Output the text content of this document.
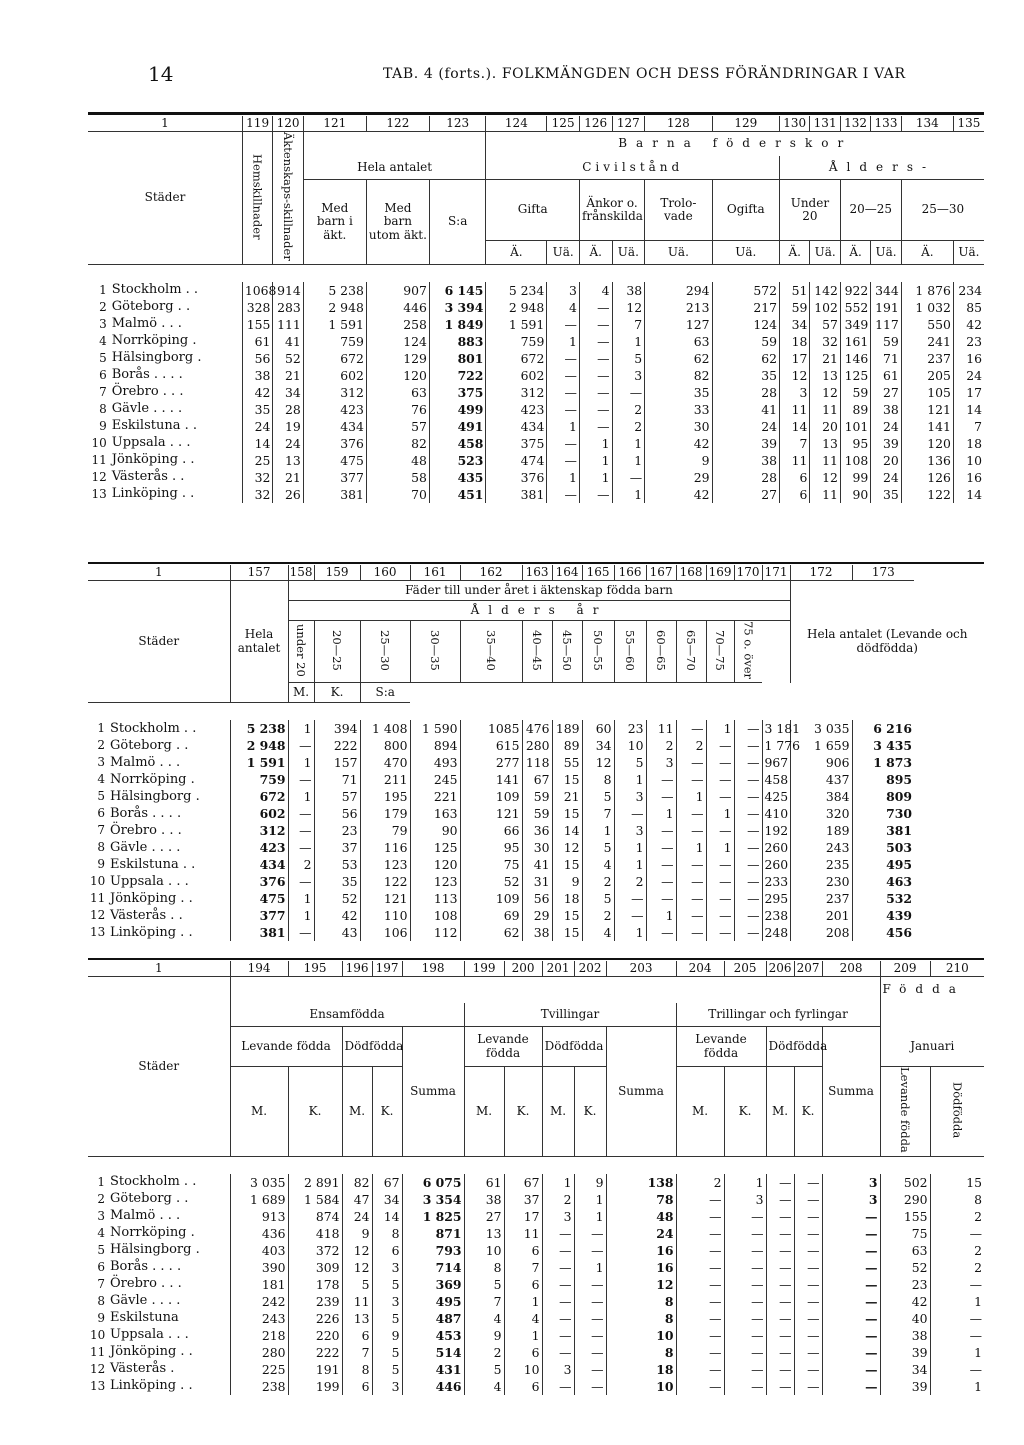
14	TAB. 4 (forts.). FOLKMÄNGDEN OCH DESS FÖRÄNDRINGAR I VAR
1		119	120	121	122	123	124	125	126	127	128	129	130	131	132	133	134	135
Städer		Hemskillnader	Äktenskaps-skillnader				Barna föderskor											
				Hela antalet			Civilstånd						Ålders-					
				Med barn i äkt.	Med barn utom äkt.	S:a	Gifta		Änkor o. frånskilda		Trolo-vade	Ogifta	Under 20		20—25		25—30	
							Ä.	Uä.	Ä.	Uä.	Uä.	Uä.	Ä.	Uä.	Ä.	Uä.	Ä.	Uä.

1	Stockholm . .	1068	914	5 238	907	6 145	5 234	3	4	38	294	572	51	142	922	344	1 876	234
2	Göteborg . .	328	283	2 948	446	3 394	2 948	4	—	12	213	217	59	102	552	191	1 032	85
3	Malmö . . .	155	111	1 591	258	1 849	1 591	—	—	7	127	124	34	57	349	117	550	42
4	Norrköping .	61	41	759	124	883	759	1	—	1	63	59	18	32	161	59	241	23
5	Hälsingborg .	56	52	672	129	801	672	—	—	5	62	62	17	21	146	71	237	16
6	Borås . . . .	38	21	602	120	722	602	—	—	3	82	35	12	13	125	61	205	24
7	Örebro . . .	42	34	312	63	375	312	—	—	—	35	28	3	12	59	27	105	17
8	Gävle . . . .	35	28	423	76	499	423	—	—	2	33	41	11	11	89	38	121	14
9	Eskilstuna . .	24	19	434	57	491	434	1	—	2	30	24	14	20	101	24	141	7
10	Uppsala . . .	14	24	376	82	458	375	—	1	1	42	39	7	13	95	39	120	18
11	Jönköping . .	25	13	475	48	523	474	—	1	1	9	38	11	11	108	20	136	10
12	Västerås . .	32	21	377	58	435	376	1	1	—	29	28	6	12	99	24	126	16
13	Linköping . .	32	26	381	70	451	381	—	—	1	42	27	6	11	90	35	122	14
1		157	158	159	160	161	162	163	164	165	166	167	168	169	170	171	172	173
Städer		Hela antalet	Fäder till under året i äktenskap födda barn															
			Ålders år														Hela antalet (Levande och dödfödda)	
			under 20	20—25	25—30	30—35	35—40	40—45	45—50	50—55	55—60	60—65	65—70	70—75	75 o. över			
			M.	K.	S:a													

1	Stockholm . .	5 238	1	394	1 408	1 590	1085	476	189	60	23	11	—	1	—	3 181	3 035	6 216
2	Göteborg . .	2 948	—	222	800	894	615	280	89	34	10	2	2	—	—	1 776	1 659	3 435
3	Malmö . . .	1 591	1	157	470	493	277	118	55	12	5	3	—	—	—	967	906	1 873
4	Norrköping .	759	—	71	211	245	141	67	15	8	1	—	—	—	—	458	437	895
5	Hälsingborg .	672	1	57	195	221	109	59	21	5	3	—	1	—	—	425	384	809
6	Borås . . . .	602	—	56	179	163	121	59	15	7	—	1	—	1	—	410	320	730
7	Örebro . . .	312	—	23	79	90	66	36	14	1	3	—	—	—	—	192	189	381
8	Gävle . . . .	423	—	37	116	125	95	30	12	5	1	—	1	1	—	260	243	503
9	Eskilstuna . .	434	2	53	123	120	75	41	15	4	1	—	—	—	—	260	235	495
10	Uppsala . . .	376	—	35	122	123	52	31	9	2	2	—	—	—	—	233	230	463
11	Jönköping . .	475	1	52	121	113	109	56	18	5	—	—	—	—	—	295	237	532
12	Västerås . .	377	1	42	110	108	69	29	15	2	—	1	—	—	—	238	201	439
13	Linköping . .	381	—	43	106	112	62	38	15	4	1	—	—	—	—	248	208	456
1		194	195	196	197	198	199	200	201	202	203	204	205	206	207	208	209	210
Städer																	Födda	
		Ensamfödda					Tvillingar					Trillingar och fyrlingar						
		Levande födda		Dödfödda		Summa	Levande födda		Dödfödda		Summa	Levande födda		Dödfödda		Summa	Januari	
		M.	K.	M.	K.		M.	K.	M.	K.		M.	K.	M.	K.		Levande födda	Dödfödda

1	Stockholm . .	3 035	2 891	82	67	6 075	61	67	1	9	138	2	1	—	—	3	502	15
2	Göteborg . .	1 689	1 584	47	34	3 354	38	37	2	1	78	—	3	—	—	3	290	8
3	Malmö . . .	913	874	24	14	1 825	27	17	3	1	48	—	—	—	—	—	155	2
4	Norrköping .	436	418	9	8	871	13	11	—	—	24	—	—	—	—	—	75	—
5	Hälsingborg .	403	372	12	6	793	10	6	—	—	16	—	—	—	—	—	63	2
6	Borås . . . .	390	309	12	3	714	8	7	—	1	16	—	—	—	—	—	52	2
7	Örebro . . .	181	178	5	5	369	5	6	—	—	12	—	—	—	—	—	23	—
8	Gävle . . . .	242	239	11	3	495	7	1	—	—	8	—	—	—	—	—	42	1
9	Eskilstuna	243	226	13	5	487	4	4	—	—	8	—	—	—	—	—	40	—
10	Uppsala . . .	218	220	6	9	453	9	1	—	—	10	—	—	—	—	—	38	—
11	Jönköping . .	280	222	7	5	514	2	6	—	—	8	—	—	—	—	—	39	1
12	Västerås .	225	191	8	5	431	5	10	3	—	18	—	—	—	—	—	34	—
13	Linköping . .	238	199	6	3	446	4	6	—	—	10	—	—	—	—	—	39	1
